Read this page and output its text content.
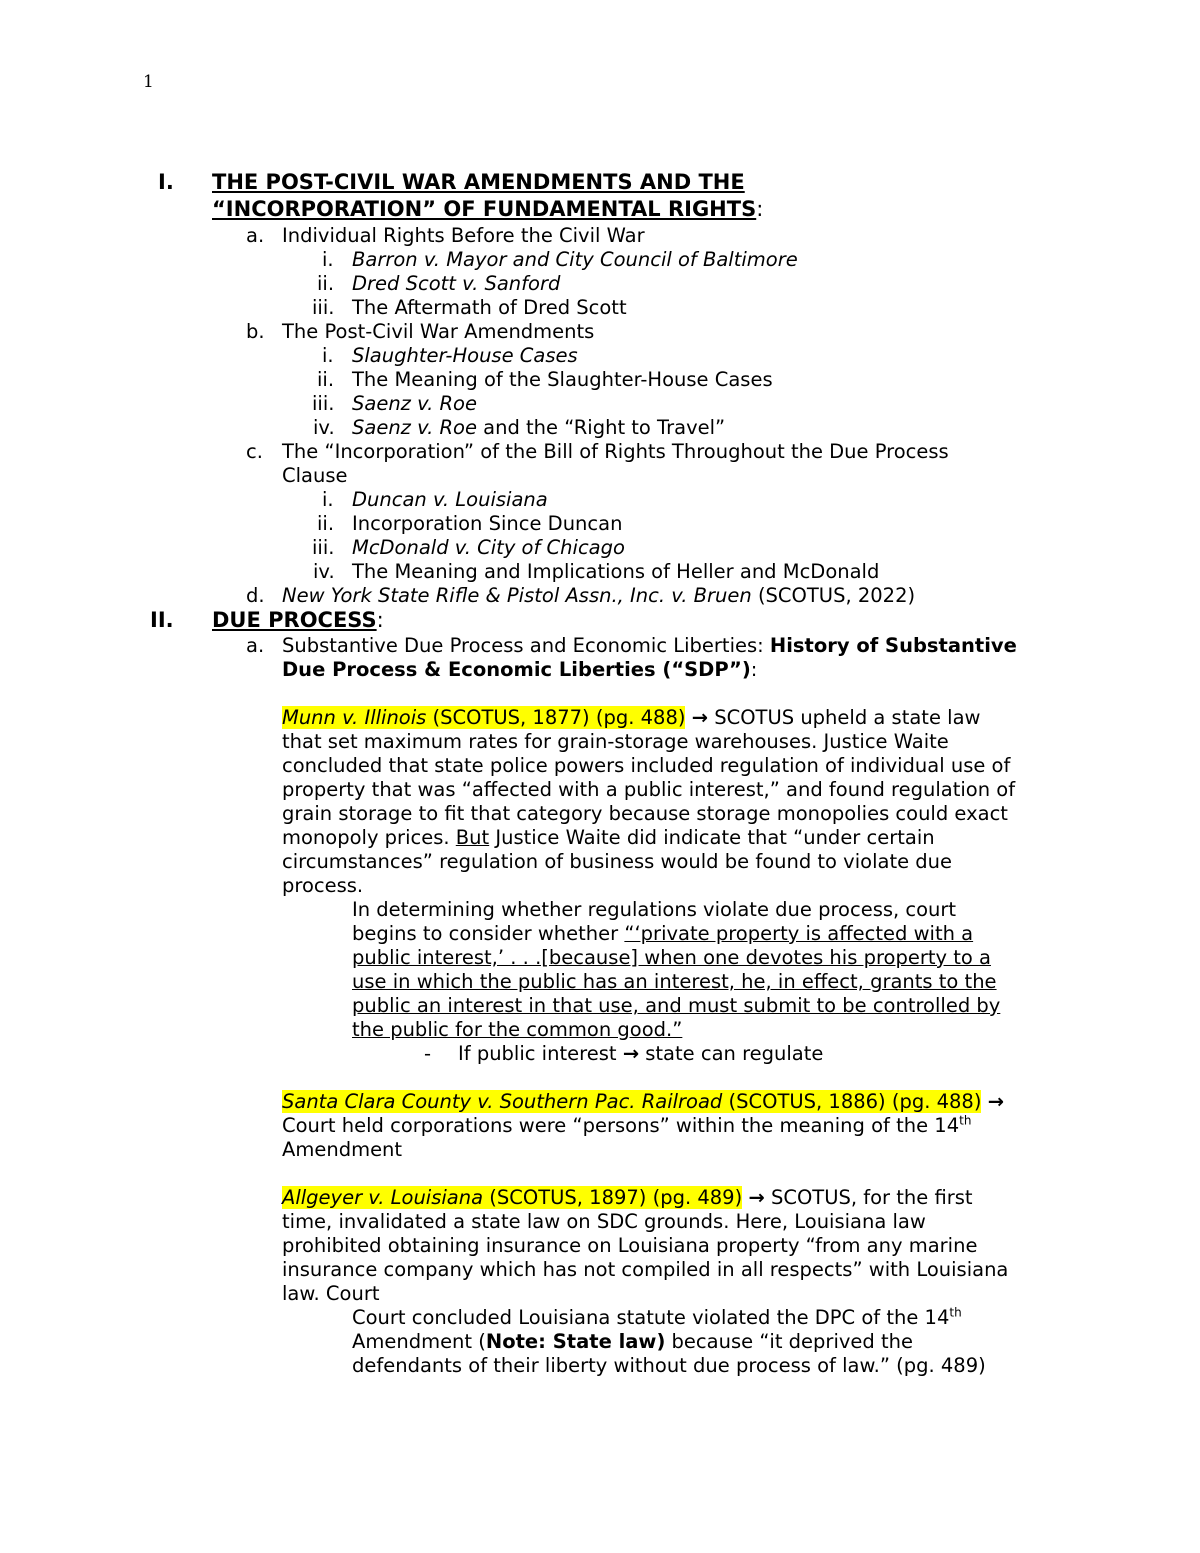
1
I. THE POST-CIVIL WAR AMENDMENTS AND THE
“INCORPORATION” OF FUNDAMENTAL RIGHTS:
a. Individual Rights Before the Civil War
i. Barron v. Mayor and City Council of Baltimore
ii. Dred Scott v. Sanford
iii. The Aftermath of Dred Scott
b. The Post-Civil War Amendments
i. Slaughter-House Cases
ii. The Meaning of the Slaughter-House Cases
iii. Saenz v. Roe
iv. Saenz v. Roe and the “Right to Travel”
c. The “Incorporation” of the Bill of Rights Throughout the Due Process
Clause
i. Duncan v. Louisiana
ii. Incorporation Since Duncan
iii. McDonald v. City of Chicago
iv. The Meaning and Implications of Heller and McDonald
d. New York State Rifle & Pistol Assn., Inc. v. Bruen (SCOTUS, 2022)
II. DUE PROCESS:
a. Substantive Due Process and Economic Liberties: History of Substantive
Due Process & Economic Liberties (“SDP”):
Munn v. Illinois (SCOTUS, 1877) (pg. 488) → SCOTUS upheld a state law
that set maximum rates for grain-storage warehouses. Justice Waite
concluded that state police powers included regulation of individual use of
property that was “affected with a public interest,” and found regulation of
grain storage to fit that category because storage monopolies could exact
monopoly prices. But Justice Waite did indicate that “under certain
circumstances” regulation of business would be found to violate due
process.
In determining whether regulations violate due process, court
begins to consider whether “‘private property is affected with a
public interest,’ . . .[because] when one devotes his property to a
use in which the public has an interest, he, in effect, grants to the
public an interest in that use, and must submit to be controlled by
the public for the common good.”
- If public interest → state can regulate
Santa Clara County v. Southern Pac. Railroad (SCOTUS, 1886) (pg. 488) →
Court held corporations were “persons” within the meaning of the 14th
Amendment
Allgeyer v. Louisiana (SCOTUS, 1897) (pg. 489) → SCOTUS, for the first
time, invalidated a state law on SDC grounds. Here, Louisiana law
prohibited obtaining insurance on Louisiana property “from any marine
insurance company which has not compiled in all respects” with Louisiana
law. Court
Court concluded Louisiana statute violated the DPC of the 14th
Amendment (Note: State law) because “it deprived the
defendants of their liberty without due process of law.” (pg. 489)
